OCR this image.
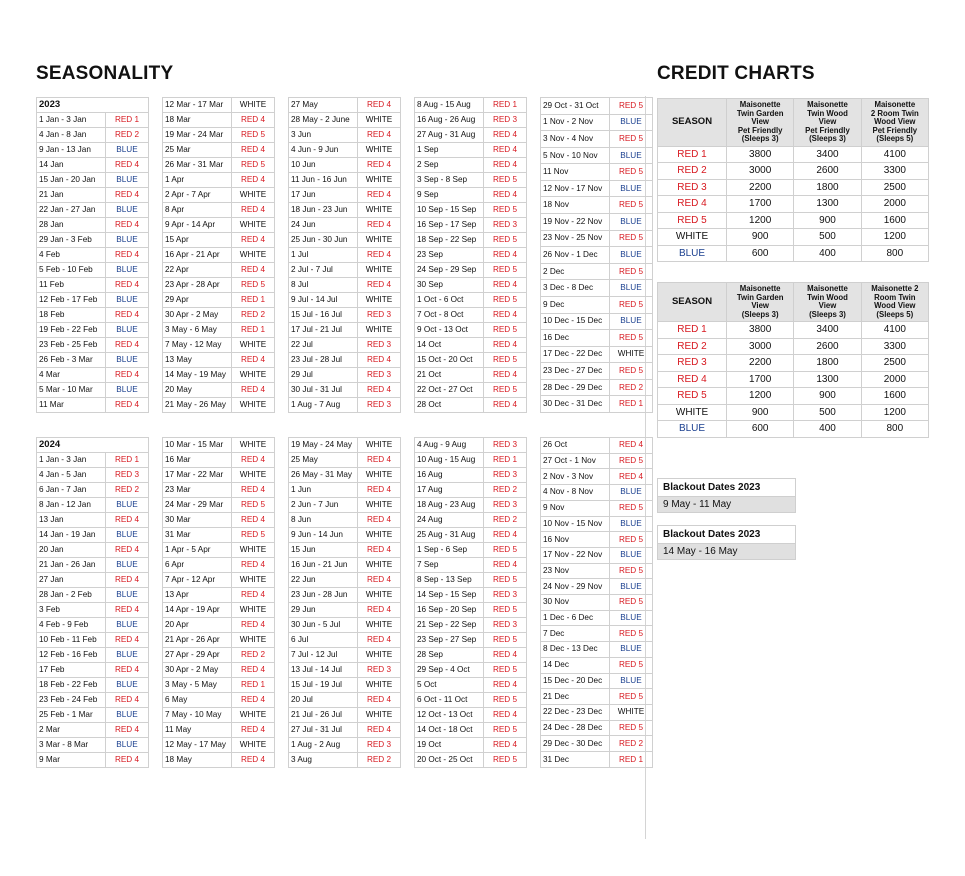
SEASONALITY	CREDIT CHARTS
2023	
1 Jan - 3 Jan	RED 1
4 Jan - 8 Jan	RED 2
9 Jan - 13 Jan	BLUE
14 Jan	RED 4
15 Jan - 20 Jan	BLUE
21 Jan	RED 4
22 Jan - 27 Jan	BLUE
28 Jan	RED 4
29 Jan - 3 Feb	BLUE
4 Feb	RED 4
5 Feb - 10 Feb	BLUE
11 Feb	RED 4
12 Feb - 17 Feb	BLUE
18 Feb	RED 4
19 Feb - 22 Feb	BLUE
23 Feb - 25 Feb	RED 4
26 Feb - 3 Mar	BLUE
4 Mar	RED 4
5 Mar - 10 Mar	BLUE
11 Mar	RED 4
12 Mar - 17 Mar	WHITE
18 Mar	RED 4
19 Mar - 24 Mar	RED 5
25 Mar	RED 4
26 Mar - 31 Mar	RED 5
1 Apr	RED 4
2 Apr - 7 Apr	WHITE
8 Apr	RED 4
9 Apr - 14 Apr	WHITE
15 Apr	RED 4
16 Apr - 21 Apr	WHITE
22 Apr	RED 4
23 Apr - 28 Apr	RED 5
29 Apr	RED 1
30 Apr - 2 May	RED 2
3 May - 6 May	RED 1
7 May - 12 May	WHITE
13 May	RED 4
14 May - 19 May	WHITE
20 May	RED 4
21 May - 26 May	WHITE
27 May	RED 4
28 May - 2 June	WHITE
3 Jun	RED 4
4 Jun - 9 Jun	WHITE
10 Jun	RED 4
11 Jun - 16 Jun	WHITE
17 Jun	RED 4
18 Jun - 23 Jun	WHITE
24 Jun	RED 4
25 Jun - 30 Jun	WHITE
1 Jul	RED 4
2 Jul - 7 Jul	WHITE
8 Jul	RED 4
9 Jul - 14 Jul	WHITE
15 Jul - 16 Jul	RED 3
17 Jul - 21 Jul	WHITE
22 Jul	RED 3
23 Jul - 28 Jul	RED 4
29 Jul	RED 3
30 Jul - 31 Jul	RED 4
1 Aug - 7 Aug	RED 3
8 Aug - 15 Aug	RED 1
16 Aug - 26 Aug	RED 3
27 Aug - 31 Aug	RED 4
1 Sep	RED 4
2 Sep	RED 4
3 Sep - 8 Sep	RED 5
9 Sep	RED 4
10 Sep - 15 Sep	RED 5
16 Sep - 17 Sep	RED 3
18 Sep - 22 Sep	RED 5
23 Sep	RED 4
24 Sep - 29 Sep	RED 5
30 Sep	RED 4
1 Oct - 6 Oct	RED 5
7 Oct - 8 Oct	RED 4
9 Oct - 13 Oct	RED 5
14 Oct	RED 4
15 Oct - 20 Oct	RED 5
21 Oct	RED 4
22 Oct - 27 Oct	RED 5
28 Oct	RED 4
29 Oct - 31 Oct	RED 5
1 Nov - 2 Nov	BLUE
3 Nov - 4 Nov	RED 5
5 Nov - 10 Nov	BLUE
11 Nov	RED 5
12 Nov - 17 Nov	BLUE
18 Nov	RED 5
19 Nov - 22 Nov	BLUE
23 Nov - 25 Nov	RED 5
26 Nov - 1 Dec	BLUE
2 Dec	RED 5
3 Dec - 8 Dec	BLUE
9 Dec	RED 5
10 Dec - 15 Dec	BLUE
16 Dec	RED 5
17 Dec - 22 Dec	WHITE
23 Dec - 27 Dec	RED 5
28 Dec - 29 Dec	RED 2
30 Dec - 31 Dec	RED 1
2024	
1 Jan - 3 Jan	RED 1
4 Jan - 5 Jan	RED 3
6 Jan - 7 Jan	RED 2
8 Jan - 12 Jan	BLUE
13 Jan	RED 4
14 Jan - 19 Jan	BLUE
20 Jan	RED 4
21 Jan - 26 Jan	BLUE
27 Jan	RED 4
28 Jan - 2 Feb	BLUE
3 Feb	RED 4
4 Feb - 9 Feb	BLUE
10 Feb - 11 Feb	RED 4
12 Feb - 16 Feb	BLUE
17 Feb	RED 4
18 Feb - 22 Feb	BLUE
23 Feb - 24 Feb	RED 4
25 Feb - 1 Mar	BLUE
2 Mar	RED 4
3 Mar - 8 Mar	BLUE
9 Mar	RED 4
10 Mar - 15 Mar	WHITE
16 Mar	RED 4
17 Mar - 22 Mar	WHITE
23 Mar	RED 4
24 Mar - 29 Mar	RED 5
30 Mar	RED 4
31 Mar	RED 5
1 Apr - 5 Apr	WHITE
6 Apr	RED 4
7 Apr - 12 Apr	WHITE
13 Apr	RED 4
14 Apr - 19 Apr	WHITE
20 Apr	RED 4
21 Apr - 26 Apr	WHITE
27 Apr - 29 Apr	RED 2
30 Apr - 2 May	RED 4
3 May - 5 May	RED 1
6 May	RED 4
7 May - 10 May	WHITE
11 May	RED 4
12 May - 17 May	WHITE
18 May	RED 4
19 May - 24 May	WHITE
25 May	RED 4
26 May - 31 May	WHITE
1 Jun	RED 4
2 Jun - 7 Jun	WHITE
8 Jun	RED 4
9 Jun - 14 Jun	WHITE
15 Jun	RED 4
16 Jun - 21 Jun	WHITE
22 Jun	RED 4
23 Jun - 28 Jun	WHITE
29 Jun	RED 4
30 Jun - 5 Jul	WHITE
6 Jul	RED 4
7 Jul - 12 Jul	WHITE
13 Jul - 14 Jul	RED 3
15 Jul - 19 Jul	WHITE
20 Jul	RED 4
21 Jul - 26 Jul	WHITE
27 Jul - 31 Jul	RED 4
1 Aug - 2 Aug	RED 3
3 Aug	RED 2
4 Aug - 9 Aug	RED 3
10 Aug - 15 Aug	RED 1
16 Aug	RED 3
17 Aug	RED 2
18 Aug - 23 Aug	RED 3
24 Aug	RED 2
25 Aug - 31 Aug	RED 4
1 Sep - 6 Sep	RED 5
7 Sep	RED 4
8 Sep - 13 Sep	RED 5
14 Sep - 15 Sep	RED 3
16 Sep - 20 Sep	RED 5
21 Sep - 22 Sep	RED 3
23 Sep - 27 Sep	RED 5
28 Sep	RED 4
29 Sep - 4 Oct	RED 5
5 Oct	RED 4
6 Oct - 11 Oct	RED 5
12 Oct - 13 Oct	RED 4
14 Oct - 18 Oct	RED 5
19 Oct	RED 4
20 Oct - 25 Oct	RED 5
26 Oct	RED 4
27 Oct - 1 Nov	RED 5
2 Nov - 3 Nov	RED 4
4 Nov - 8 Nov	BLUE
9 Nov	RED 5
10 Nov - 15 Nov	BLUE
16 Nov	RED 5
17 Nov - 22 Nov	BLUE
23 Nov	RED 5
24 Nov - 29 Nov	BLUE
30 Nov	RED 5
1 Dec - 6 Dec	BLUE
7 Dec	RED 5
8 Dec - 13 Dec	BLUE
14 Dec	RED 5
15 Dec - 20 Dec	BLUE
21 Dec	RED 5
22 Dec - 23 Dec	WHITE
24 Dec - 28 Dec	RED 5
29 Dec - 30 Dec	RED 2
31 Dec	RED 1
SEASON	Maisonette
Twin Garden
View
Pet Friendly
(Sleeps 3)	Maisonette
Twin Wood
View
Pet Friendly
(Sleeps 3)	Maisonette
2 Room Twin
Wood View
Pet Friendly
(Sleeps 5)
RED 1	3800	3400	4100
RED 2	3000	2600	3300
RED 3	2200	1800	2500
RED 4	1700	1300	2000
RED 5	1200	900	1600
WHITE	900	500	1200
BLUE	600	400	800
SEASON	Maisonette
Twin Garden
View
(Sleeps 3)	Maisonette
Twin Wood
View
(Sleeps 3)	Maisonette 2
Room Twin
Wood View
(Sleeps 5)
RED 1	3800	3400	4100
RED 2	3000	2600	3300
RED 3	2200	1800	2500
RED 4	1700	1300	2000
RED 5	1200	900	1600
WHITE	900	500	1200
BLUE	600	400	800
Blackout Dates 2023
9 May - 11 May
Blackout Dates 2023
14 May - 16 May
